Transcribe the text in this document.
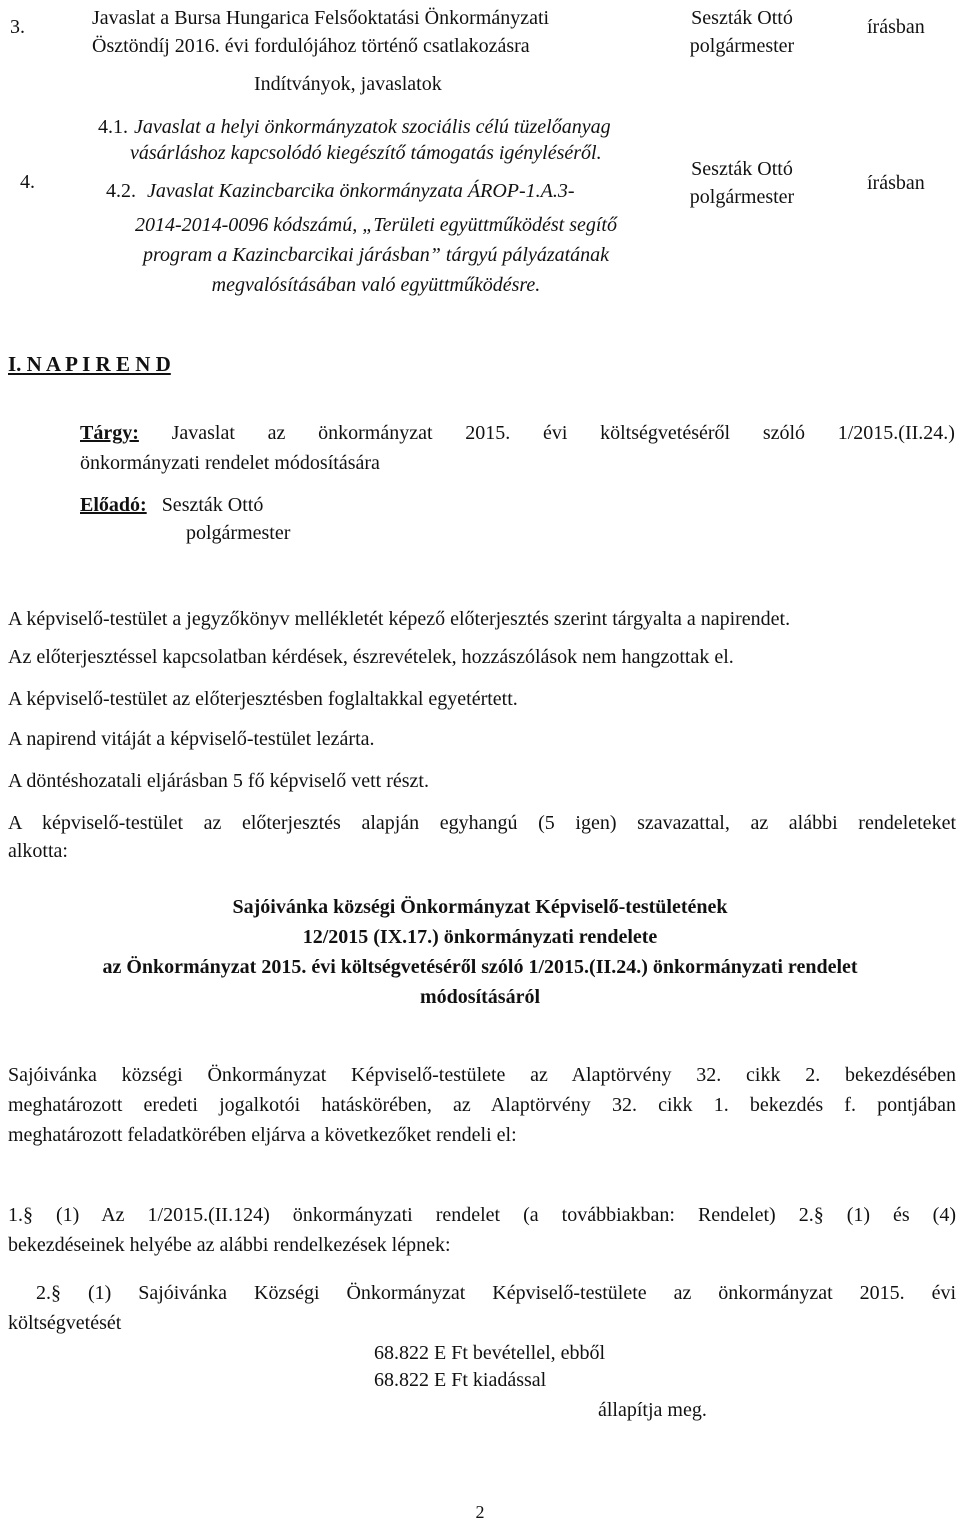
3.	Javaslat a Bursa Hungarica Felsőoktatási Önkormányzati
Ösztöndíj 2016. évi fordulójához történő csatlakozásra
Seszták Ottó
polgármester
írásban
4.
Indítványok, javaslatok
4.1. Javaslat a helyi önkormányzatok szociális célú tüzelőanyag
vásárláshoz kapcsolódó kiegészítő támogatás igényléséről.
4.2. Javaslat Kazincbarcika önkormányzata ÁROP-1.A.3-
2014-2014-0096 kódszámú, „Területi együttműködést segítő
program a Kazincbarcikai járásban” tárgyú pályázatának
megvalósításában való együttműködésre.
Seszták Ottó
polgármester
írásban
I. N A P I R E N D
Tárgy: Javaslat az önkormányzat 2015. évi költségvetéséről szóló 1/2015.(II.24.)
önkormányzati rendelet módosítására
Előadó: Seszták Ottó
polgármester
A képviselő-testület a jegyzőkönyv mellékletét képező előterjesztés szerint tárgyalta a napirendet.
Az előterjesztéssel kapcsolatban kérdések, észrevételek, hozzászólások nem hangzottak el.
A képviselő-testület az előterjesztésben foglaltakkal egyetértett.
A napirend vitáját a képviselő-testület lezárta.
A döntéshozatali eljárásban 5 fő képviselő vett részt.
A képviselő-testület az előterjesztés alapján egyhangú (5 igen) szavazattal, az alábbi rendeleteket
alkotta:
Sajóivánka községi Önkormányzat Képviselő-testületének
12/2015 (IX.17.) önkormányzati rendelete
az Önkormányzat 2015. évi költségvetéséről szóló 1/2015.(II.24.) önkormányzati rendelet
módosításáról
Sajóivánka községi Önkormányzat Képviselő-testülete az Alaptörvény 32. cikk 2. bekezdésében
meghatározott eredeti jogalkotói hatáskörében, az Alaptörvény 32. cikk 1. bekezdés f. pontjában
meghatározott feladatkörében eljárva a következőket rendeli el:
1.§ (1) Az 1/2015.(II.124) önkormányzati rendelet (a továbbiakban: Rendelet) 2.§ (1) és (4)
bekezdéseinek helyébe az alábbi rendelkezések lépnek:
2.§ (1) Sajóivánka Községi Önkormányzat Képviselő-testülete az önkormányzat 2015. évi
költségvetését
68.822 E Ft bevétellel, ebből
68.822 E Ft kiadással
állapítja meg.
2
